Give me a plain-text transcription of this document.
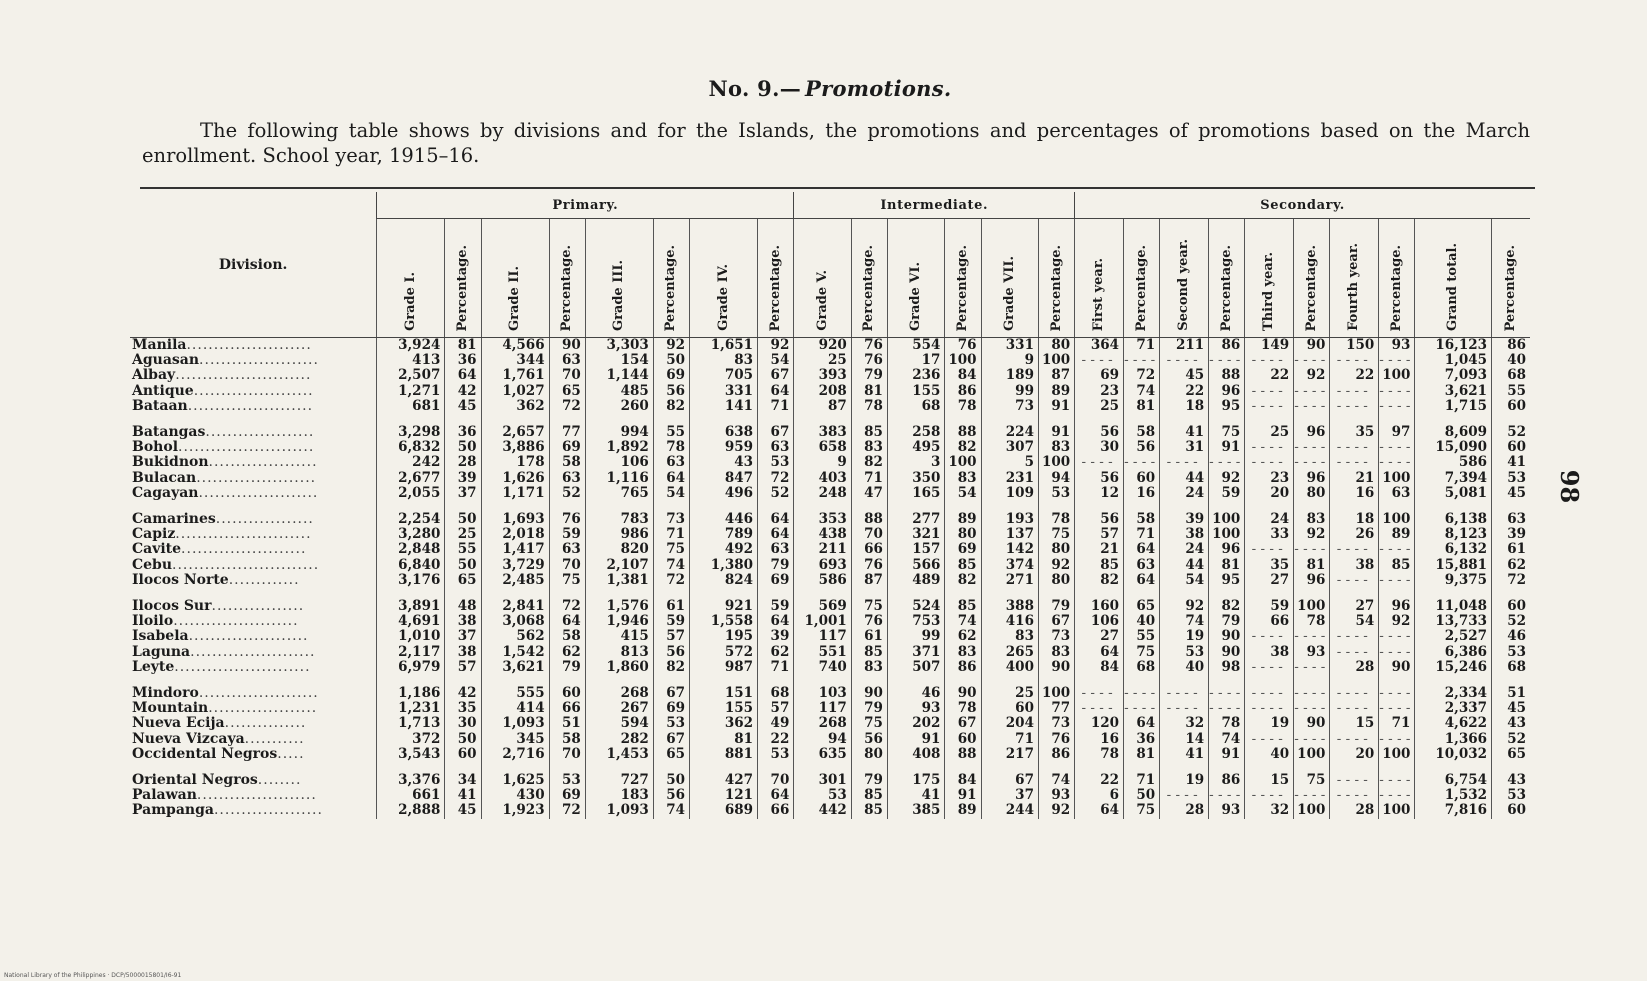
No. 9.— Promotions.
The following table shows by divisions and for the Islands, the promotions and percentages of promotions based on the March enrollment. School year, 1915–16.
98
Division.	Primary.								Intermediate.						Secondary.									

	Grade I.	Percentage.	Grade II.	Percentage.	Grade III.	Percentage.	Grade IV.	Percentage.	Grade V.	Percentage.	Grade VI.	Percentage.	Grade VII.	Percentage.	First year.	Percentage.	Second year.	Percentage.	Third year.	Percentage.	Fourth year.	Percentage.	Grand total.	Percentage.

Manila.......................	3,924	81	4,566	90	3,303	92	1,651	92	920	76	554	76	331	80	364	71	211	86	149	90	150	93	16,123	86
Aguasan......................	413	36	344	63	154	50	83	54	25	76	17	100	9	100	- - - -	- - - -	- - - -	- - - -	- - - -	- - - -	- - - -	- - - -	1,045	40
Albay.........................	2,507	64	1,761	70	1,144	69	705	67	393	79	236	84	189	87	69	72	45	88	22	92	22	100	7,093	68
Antique......................	1,271	42	1,027	65	485	56	331	64	208	81	155	86	99	89	23	74	22	96	- - - -	- - - -	- - - -	- - - -	3,621	55
Bataan.......................	681	45	362	72	260	82	141	71	87	78	68	78	73	91	25	81	18	95	- - - -	- - - -	- - - -	- - - -	1,715	60

Batangas....................	3,298	36	2,657	77	994	55	638	67	383	85	258	88	224	91	56	58	41	75	25	96	35	97	8,609	52
Bohol.........................	6,832	50	3,886	69	1,892	78	959	63	658	83	495	82	307	83	30	56	31	91	- - - -	- - - -	- - - -	- - - -	15,090	60
Bukidnon....................	242	28	178	58	106	63	43	53	9	82	3	100	5	100	- - - -	- - - -	- - - -	- - - -	- - - -	- - - -	- - - -	- - - -	586	41
Bulacan......................	2,677	39	1,626	63	1,116	64	847	72	403	71	350	83	231	94	56	60	44	92	23	96	21	100	7,394	53
Cagayan......................	2,055	37	1,171	52	765	54	496	52	248	47	165	54	109	53	12	16	24	59	20	80	16	63	5,081	45

Camarines..................	2,254	50	1,693	76	783	73	446	64	353	88	277	89	193	78	56	58	39	100	24	83	18	100	6,138	63
Capiz.........................	3,280	25	2,018	59	986	71	789	64	438	70	321	80	137	75	57	71	38	100	33	92	26	89	8,123	39
Cavite.......................	2,848	55	1,417	63	820	75	492	63	211	66	157	69	142	80	21	64	24	96	- - - -	- - - -	- - - -	- - - -	6,132	61
Cebu...........................	6,840	50	3,729	70	2,107	74	1,380	79	693	76	566	85	374	92	85	63	44	81	35	81	38	85	15,881	62
Ilocos Norte.............	3,176	65	2,485	75	1,381	72	824	69	586	87	489	82	271	80	82	64	54	95	27	96	- - - -	- - - -	9,375	72

Ilocos Sur.................	3,891	48	2,841	72	1,576	61	921	59	569	75	524	85	388	79	160	65	92	82	59	100	27	96	11,048	60
Iloilo.......................	4,691	38	3,068	64	1,946	59	1,558	64	1,001	76	753	74	416	67	106	40	74	79	66	78	54	92	13,733	52
Isabela......................	1,010	37	562	58	415	57	195	39	117	61	99	62	83	73	27	55	19	90	- - - -	- - - -	- - - -	- - - -	2,527	46
Laguna.......................	2,117	38	1,542	62	813	56	572	62	551	85	371	83	265	83	64	75	53	90	38	93	- - - -	- - - -	6,386	53
Leyte.........................	6,979	57	3,621	79	1,860	82	987	71	740	83	507	86	400	90	84	68	40	98	- - - -	- - - -	28	90	15,246	68

Mindoro......................	1,186	42	555	60	268	67	151	68	103	90	46	90	25	100	- - - -	- - - -	- - - -	- - - -	- - - -	- - - -	- - - -	- - - -	2,334	51
Mountain....................	1,231	35	414	66	267	69	155	57	117	79	93	78	60	77	- - - -	- - - -	- - - -	- - - -	- - - -	- - - -	- - - -	- - - -	2,337	45
Nueva Ecija...............	1,713	30	1,093	51	594	53	362	49	268	75	202	67	204	73	120	64	32	78	19	90	15	71	4,622	43
Nueva Vizcaya...........	372	50	345	58	282	67	81	22	94	56	91	60	71	76	16	36	14	74	- - - -	- - - -	- - - -	- - - -	1,366	52
Occidental Negros.....	3,543	60	2,716	70	1,453	65	881	53	635	80	408	88	217	86	78	81	41	91	40	100	20	100	10,032	65

Oriental Negros........	3,376	34	1,625	53	727	50	427	70	301	79	175	84	67	74	22	71	19	86	15	75	- - - -	- - - -	6,754	43
Palawan......................	661	41	430	69	183	56	121	64	53	85	41	91	37	93	6	50	- - - -	- - - -	- - - -	- - - -	- - - -	- - - -	1,532	53
Pampanga....................	2,888	45	1,923	72	1,093	74	689	66	442	85	385	89	244	92	64	75	28	93	32	100	28	100	7,816	60
National Library of the Philippines · DCP/5000015801/I6-91
